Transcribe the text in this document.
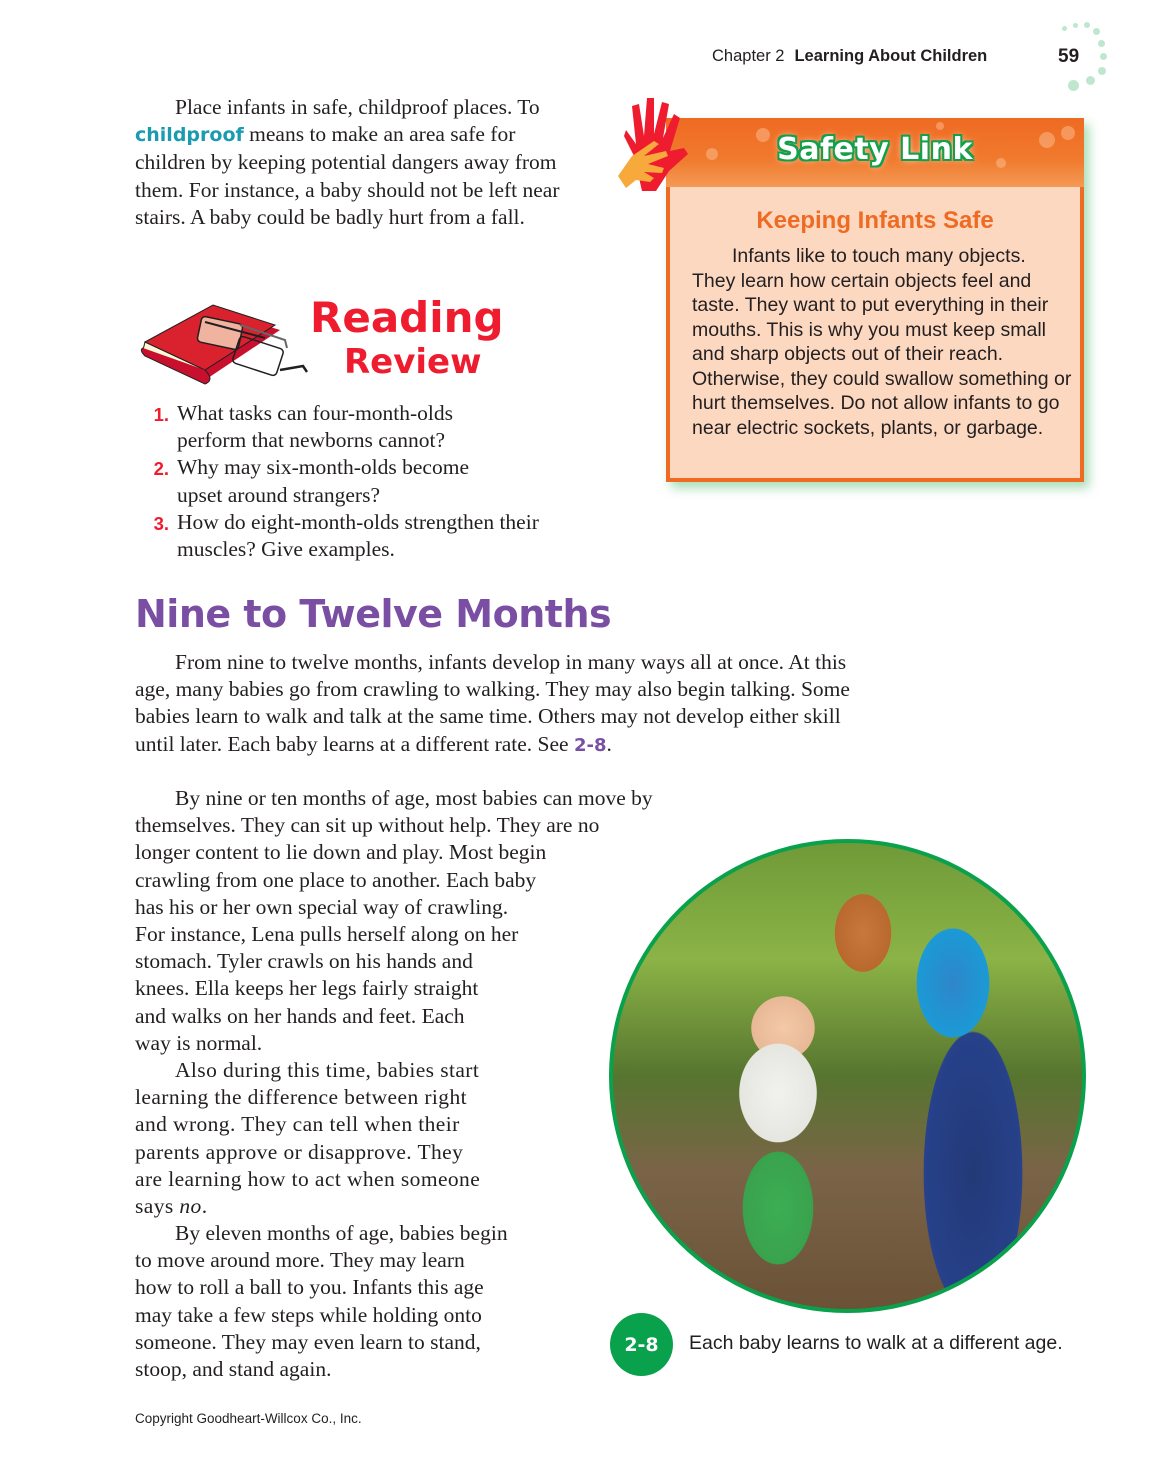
Chapter 2 Learning About Children	59

Place infants in safe, childproof places. To childproof means to make an area safe for children by keeping potential dangers away from them. For instance, a baby should not be left near stairs. A baby could be badly hurt from a fall.

Reading
Review
1. What tasks can four-month-olds perform that newborns cannot?
2. Why may six-month-olds become upset around strangers?
3. How do eight-month-olds strengthen their muscles? Give examples.
Safety Link
Keeping Infants Safe

Infants like to touch many objects. They learn how certain objects feel and taste. They want to put everything in their mouths. This is why you must keep small and sharp objects out of their reach. Otherwise, they could swallow something or hurt themselves. Do not allow infants to go near electric sockets, plants, or garbage.

Nine to Twelve Months

From nine to twelve months, infants develop in many ways all at once. At this age, many babies go from crawling to walking. They may also begin talking. Some babies learn to walk and talk at the same time. Others may not develop either skill until later. Each baby learns at a different rate. See 2-8.

By nine or ten months of age, most babies can move by
themselves. They can sit up without help. They are no
longer content to lie down and play. Most begin
crawling from one place to another. Each baby
has his or her own special way of crawling.
For instance, Lena pulls herself along on her
stomach. Tyler crawls on his hands and
knees. Ella keeps her legs fairly straight
and walks on her hands and feet. Each
way is normal.
Also during this time, babies start
learning the difference between right
and wrong. They can tell when their
parents approve or disapprove. They
are learning how to act when someone
says no.
By eleven months of age, babies begin
to move around more. They may learn
how to roll a ball to you. Infants this age
may take a few steps while holding onto
someone. They may even learn to stand,
stoop, and stand again.
2-8	Each baby learns to walk at a different age.
Copyright Goodheart-Willcox Co., Inc.
